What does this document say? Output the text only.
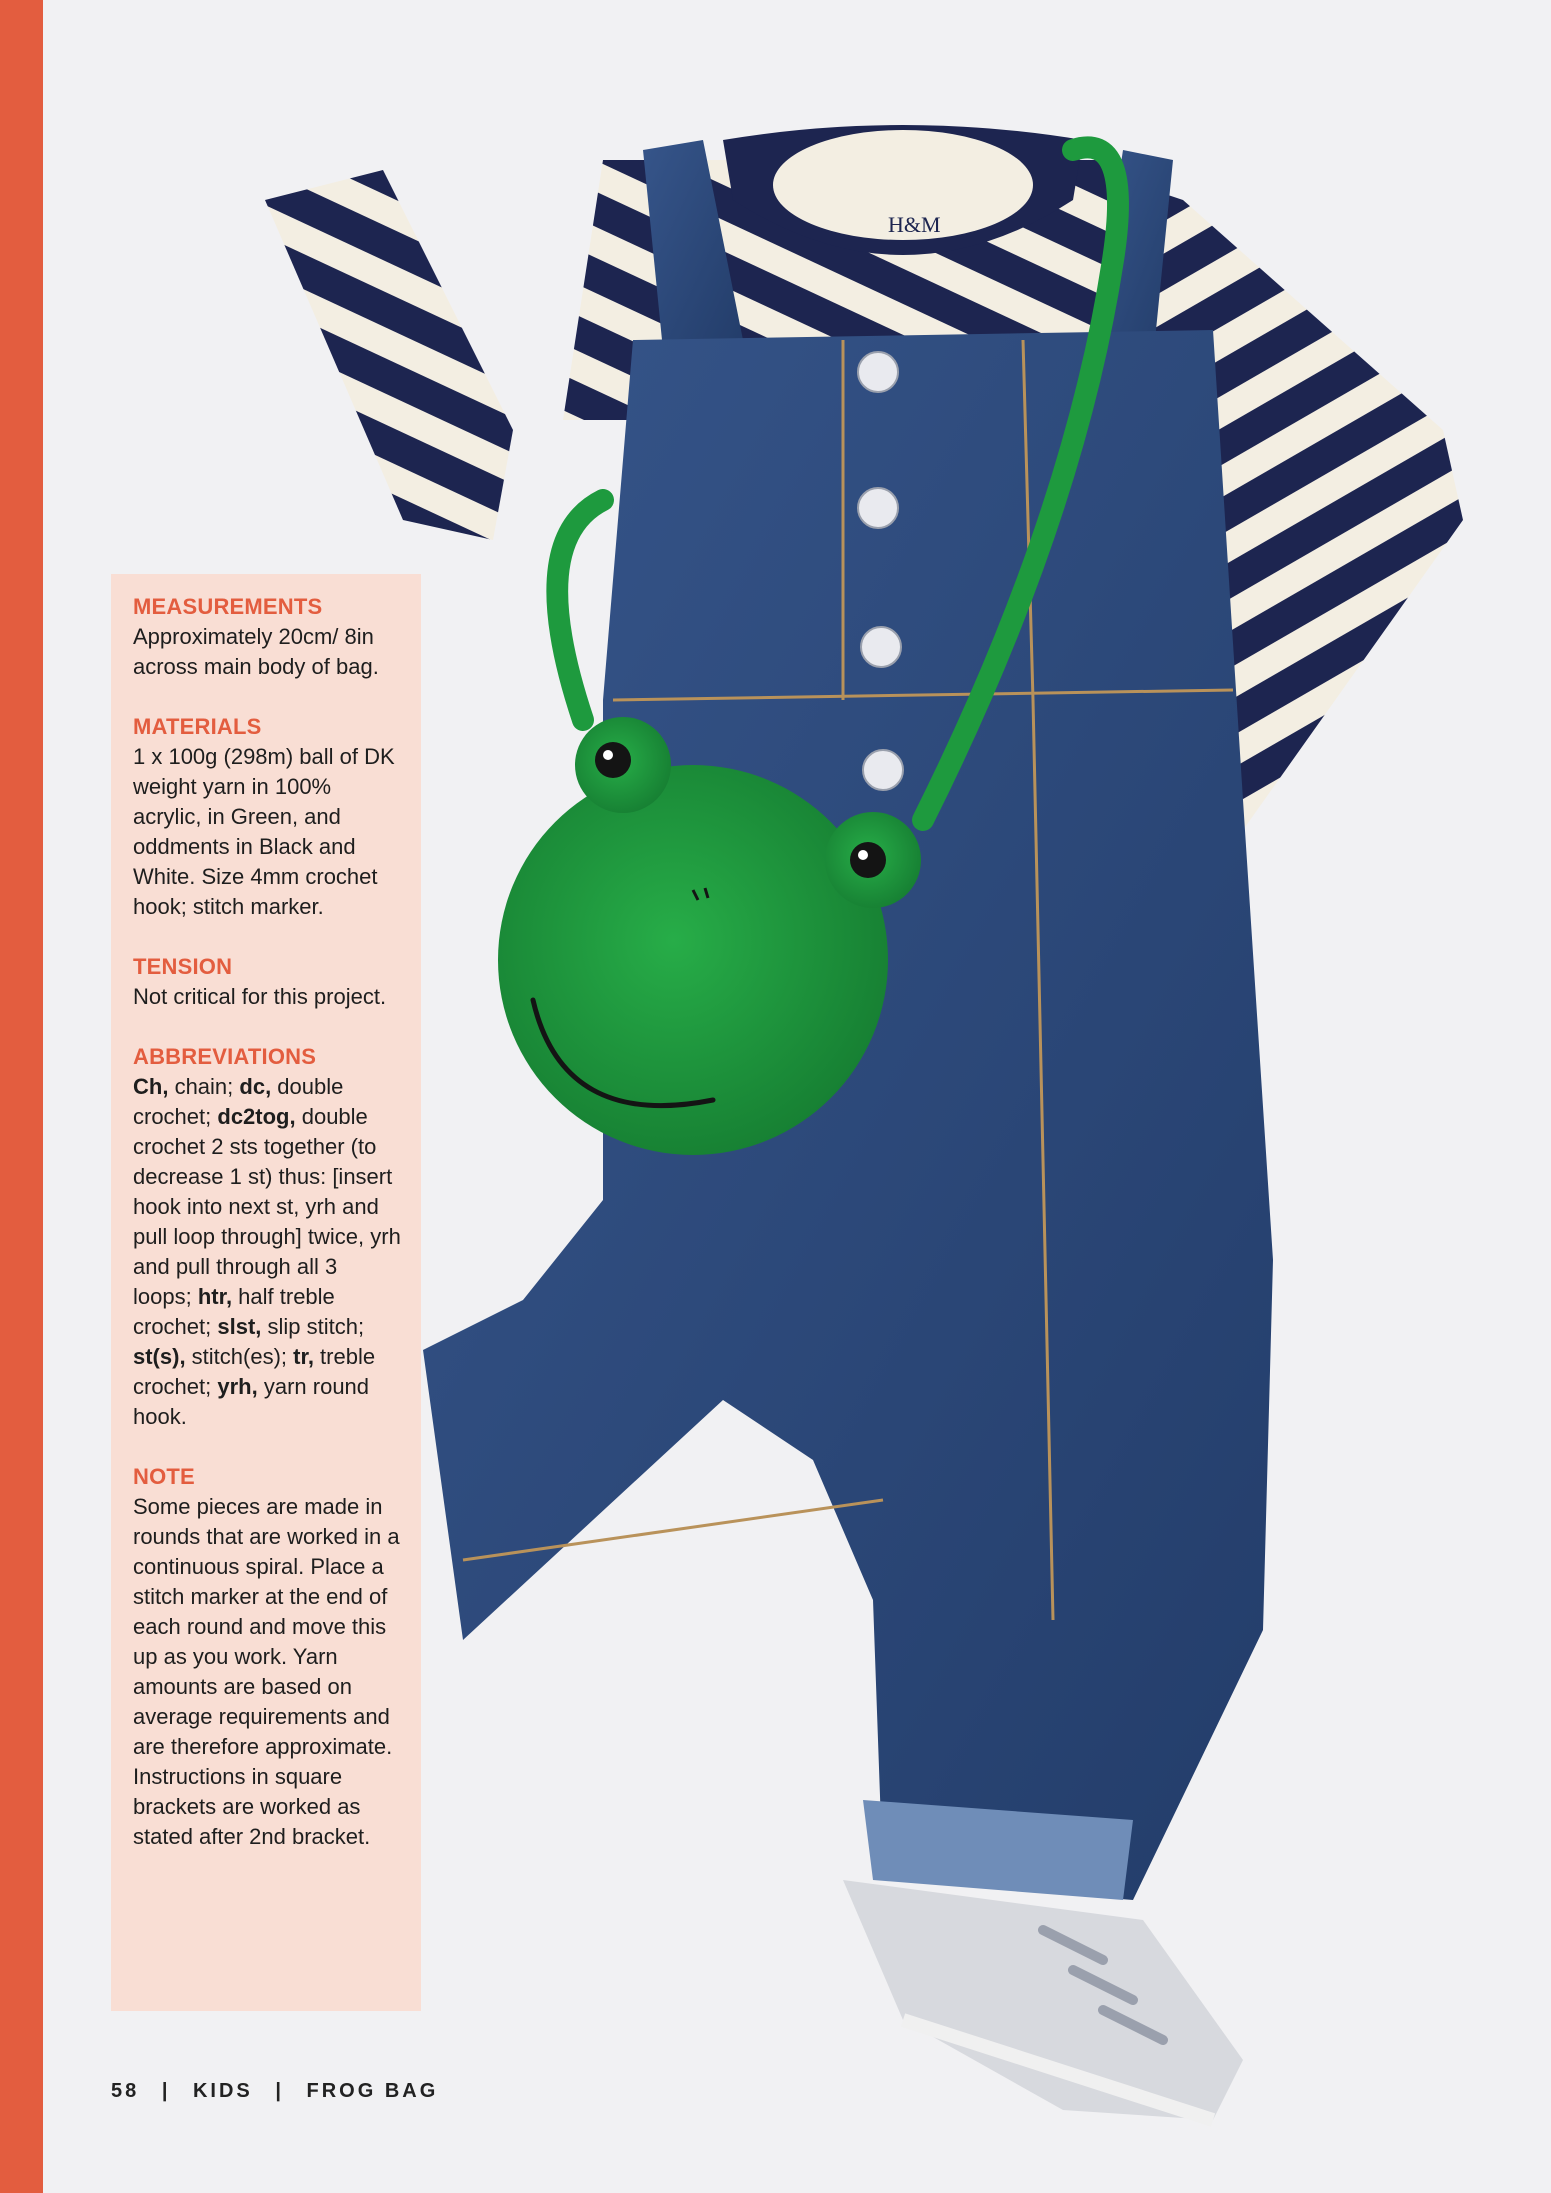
H&M
MEASUREMENTS
Approximately 20cm/ 8in across main body of bag.
MATERIALS
1 x 100g (298m) ball of DK weight yarn in 100% acrylic, in Green, and oddments in Black and White. Size 4mm crochet hook; stitch marker.
TENSION
Not critical for this project.
ABBREVIATIONS
Ch, chain; dc, double crochet; dc2tog, double crochet 2 sts together (to decrease 1 st) thus: [insert hook into next st, yrh and pull loop through] twice, yrh and pull through all 3 loops; htr, half treble crochet; slst, slip stitch; st(s), stitch(es); tr, treble crochet; yrh, yarn round hook.
NOTE
Some pieces are made in rounds that are worked in a continuous spiral. Place a stitch marker at the end of each round and move this up as you work. Yarn amounts are based on average requirements and are therefore approximate. Instructions in square brackets are worked as stated after 2nd bracket.
58 | KIDS | FROG BAG
